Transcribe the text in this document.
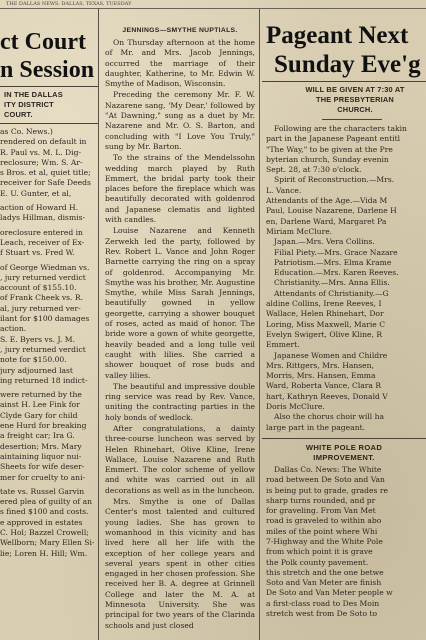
THE DALLAS NEWS. DALLAS, TEXAS, TUESDAY
ct Court
n Session
IN THE DALLAS
ITY DISTRICT
COURT.
as Co. News.)
rendered on default in
R. Paul vs. M. L. Dig-
reclosure; Wm. S. Ar-
s Bros. et al, quiet title;
receiver for Safe Deeds
E. U. Gunter, et al,
action of Howard H.
ladys Hillman, dismis-
oreclosure entered in
Leach, receiver of Ex-
f Stuart vs. Fred W.
of George Wiedman vs.
, jury returned verdict
account of $155.10.
of Frank Cheek vs. R.
al, jury returned ver-
ilant for $100 damages
action.
S. E. Byers vs. J. M.
, jury returned verdict
note for $150.00.
jury adjourned last
ing returned 18 indict-
were returned by the
ainst H. Lee Fink for
Clyde Gary for child
ene Hurd for breaking
a freight car; Ira G.
desertion; Mrs. Mary
aintaining liquor nui-
Sheets for wife deser-
mer for cruelty to ani-
tate vs. Russel Garvin
ered plea of guilty of an
s fined $100 and costs.
e approved in estates
C. Hol; Bazzel Crowell;
Wellborn; Mary Ellen Si-
lie; Loren H. Hill; Wm.
JENNINGS—SMYTHE NUPTIALS.

On Thursday afternoon at the home of Mr. and Mrs. Jacob Jennings, occurred the marriage of their daughter, Katherine, to Mr. Edwin W. Smythe of Madison, Wisconsin.

Preceding the ceremony Mr. F. W. Nazarene sang, 'My Dear,' followed by "At Dawning," sung as a duet by Mr. Nazarene and Mr. O. S. Barton, and concluding with "I Love You Truly," sung by Mr. Barton.

To the strains of the Mendelssohn wedding march played by Ruth Emmert, the bridal party took their places before the fireplace which was beautifully decorated with goldenrod and Japanese clematis and lighted with candles.

Louise Nazarene and Kenneth Zerwekh led the party, followed by Rev. Robert L. Vance and John Roger Barnette carrying the ring on a spray of goldenrod. Accompanying Mr. Smythe was his brother, Mr. Augustine Smythe, while Miss Sarah Jennings, beautifully gowned in yellow georgette, carrying a shower bouquet of roses, acted as maid of honor. The bride wore a gown of white georgette, heavily beaded and a long tulle veil caught with lilies. She carried a shower bouquet of rose buds and valley lilies.

The beautiful and impressive double ring service was read by Rev. Vance, uniting the contracting parties in the holy bonds of wedlock.

After congratulations, a dainty three-course luncheon was served by Helen Rhinehart, Olive Kline, Irene Wallace, Louise Nazarene and Ruth Emmert. The color scheme of yellow and white was carried out in all decorations as well as in the luncheon.

Mrs. Smythe is one of Dallas Center's most talented and cultured young ladies. She has grown to womanhood in this vicinity and has lived here all her life with the exception of her college years and several years spent in other cities engaged in her chosen profession. She received her B. A. degree at Grinnell College and later the M. A. at Minnesota University. She was principal for two years of the Clarinda schools and just closed

Pageant Next
Sunday Eve'g
WILL BE GIVEN AT 7:30 AT
THE PRESBYTERIAN
CHURCH.
Following are the characters takin
part in the Japanese Pageant entitl
"The Way," to be given at the Pre
byterian church, Sunday evenin
Sept. 28, at 7:30 o'clock.
Spirit of Reconstruction.—Mrs.
L. Vance.
Attendants of the Age.—Vida M
Paul, Louise Nazarene, Darlene H
en, Darlene Ward, Margaret Pa
Miriam McClure.
Japan.—Mrs. Vera Collins.
Filial Piety.—Mrs. Grace Nazare
Patriotism.—Mrs. Elma Krame
Education.—Mrs. Karen Reeves.
Christianity.—Mrs. Anna Ellis.
Attendants of Christianity.—G
aldine Collins, Irene Reeves, I
Wallace, Helen Rhinehart, Dor
Loring, Miss Maxwell, Marie C
Evelyn Swigert, Olive Kline, R
Emmert.
Japanese Women and Childre
Mrs. Rittgers, Mrs. Hansen,
Morris, Mrs. Hansen, Emma
Ward, Roberta Vance, Clara R
hart, Kathryn Reeves, Donald V
Doris McClure.
Also the chorus choir will ha
large part in the pageant.
WHITE POLE ROAD
IMPROVEMENT.
Dallas Co. News: The White
road between De Soto and Van
is being put to grade, grades re
sharp turns rounded, and pr
for graveling. From Van Met
road is graveled to within abo
miles of the point where Whi
7-Highway and the White Pole
from which point it is grave
the Polk county pavement.
this stretch and the one betwe
Soto and Van Meter are finish
De Soto and Van Meter people w
a first-class road to Des Moin
stretch west from De Soto to
